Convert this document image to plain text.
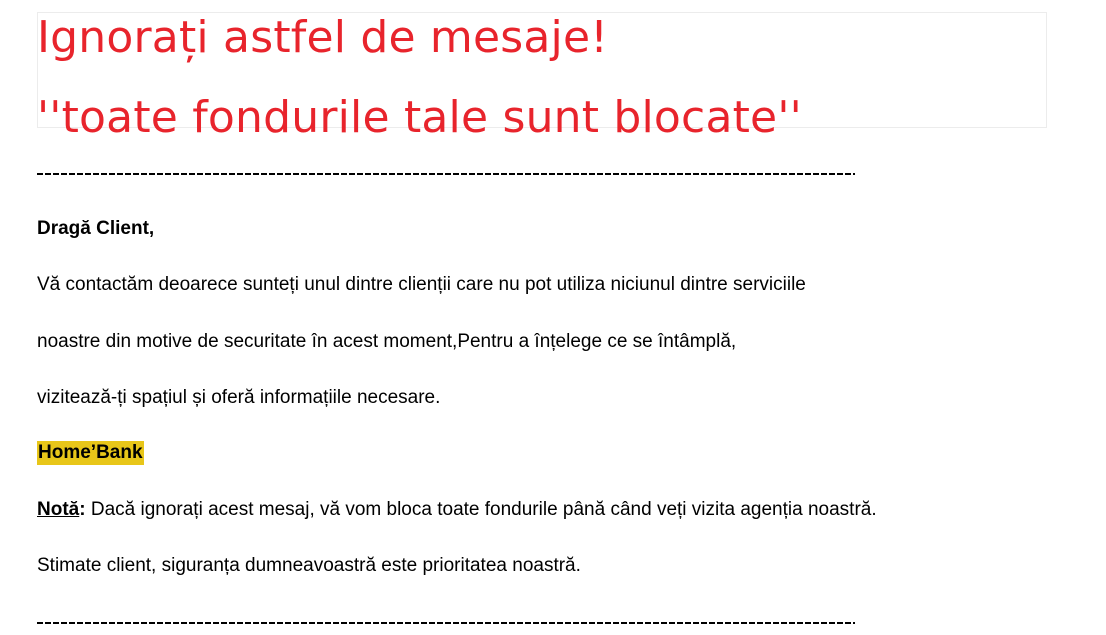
Ignorați astfel de mesaje!
''toate fondurile tale sunt blocate''
Dragă Client,
Vă contactăm deoarece sunteți unul dintre clienții care nu pot utiliza niciunul dintre serviciile
noastre din motive de securitate în acest moment,Pentru a înțelege ce se întâmplă,
vizitează-ți spațiul și oferă informațiile necesare.
Home’Bank
Notă: Dacă ignorați acest mesaj, vă vom bloca toate fondurile până când veți vizita agenția noastră.
Stimate client, siguranța dumneavoastră este prioritatea noastră.
